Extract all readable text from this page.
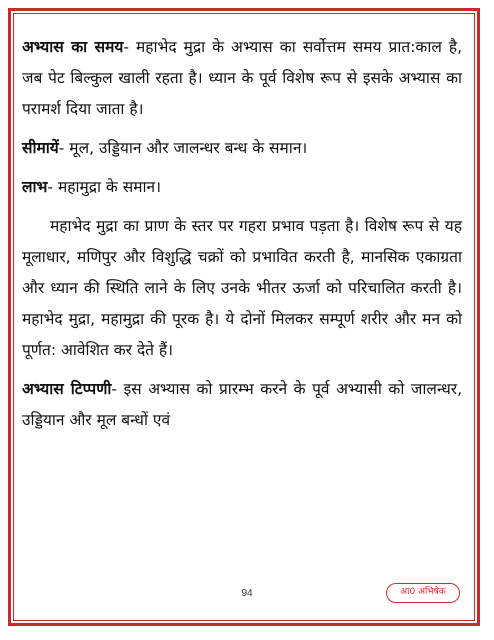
अभ्यास का समय- महाभेद मुद्रा के अभ्यास का सर्वोत्तम समय प्रात:काल है, जब पेट बिल्कुल खाली रहता है। ध्यान के पूर्व विशेष रूप से इसके अभ्यास का परामर्श दिया जाता है।

सीमायें- मूल, उड्डियान और जालन्धर बन्ध के समान।

लाभ- महामुद्रा के समान।

महाभेद मुद्रा का प्राण के स्तर पर गहरा प्रभाव पड़ता है। विशेष रूप से यह मूलाधार, मणिपुर और विशुद्धि चक्रों को प्रभावित करती है, मानसिक एकाग्रता और ध्यान की स्थिति लाने के लिए उनके भीतर ऊर्जा को परिचालित करती है। महाभेद मुद्रा, महामुद्रा की पूरक है। ये दोनों मिलकर सम्पूर्ण शरीर और मन को पूर्णत: आवेशित कर देते हैं।

अभ्यास टिप्पणी- इस अभ्यास को प्रारम्भ करने के पूर्व अभ्यासी को जालन्धर, उड्डियान और मूल बन्धों एवं

94	आ0 अभिषेक
